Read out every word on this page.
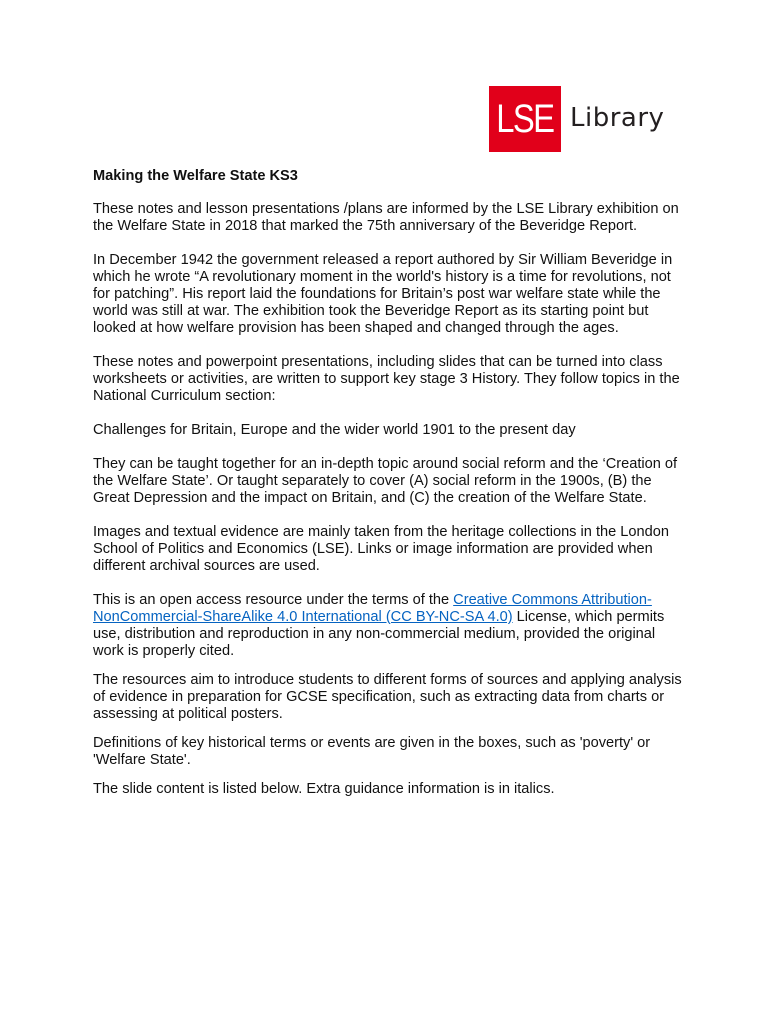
LSE Library
Making the Welfare State KS3

These notes and lesson presentations /plans are informed by the LSE Library exhibition on the Welfare State in 2018 that marked the 75th anniversary of the Beveridge Report.

In December 1942 the government released a report authored by Sir William Beveridge in which he wrote “A revolutionary moment in the world's history is a time for revolutions, not for patching”. His report laid the foundations for Britain’s post war welfare state while the world was still at war. The exhibition took the Beveridge Report as its starting point but looked at how welfare provision has been shaped and changed through the ages.

These notes and powerpoint presentations, including slides that can be turned into class worksheets or activities, are written to support key stage 3 History. They follow topics in the National Curriculum section:

Challenges for Britain, Europe and the wider world 1901 to the present day

They can be taught together for an in-depth topic around social reform and the ‘Creation of the Welfare State’. Or taught separately to cover (A) social reform in the 1900s, (B) the Great Depression and the impact on Britain, and (C) the creation of the Welfare State.

Images and textual evidence are mainly taken from the heritage collections in the London School of Politics and Economics (LSE). Links or image information are provided when different archival sources are used.

This is an open access resource under the terms of the Creative Commons Attribution-NonCommercial-ShareAlike 4.0 International (CC BY-NC-SA 4.0) License, which permits use, distribution and reproduction in any non-commercial medium, provided the original work is properly cited.

The resources aim to introduce students to different forms of sources and applying analysis of evidence in preparation for GCSE specification, such as extracting data from charts or assessing at political posters.

Definitions of key historical terms or events are given in the boxes, such as 'poverty' or 'Welfare State'.

The slide content is listed below. Extra guidance information is in italics.
